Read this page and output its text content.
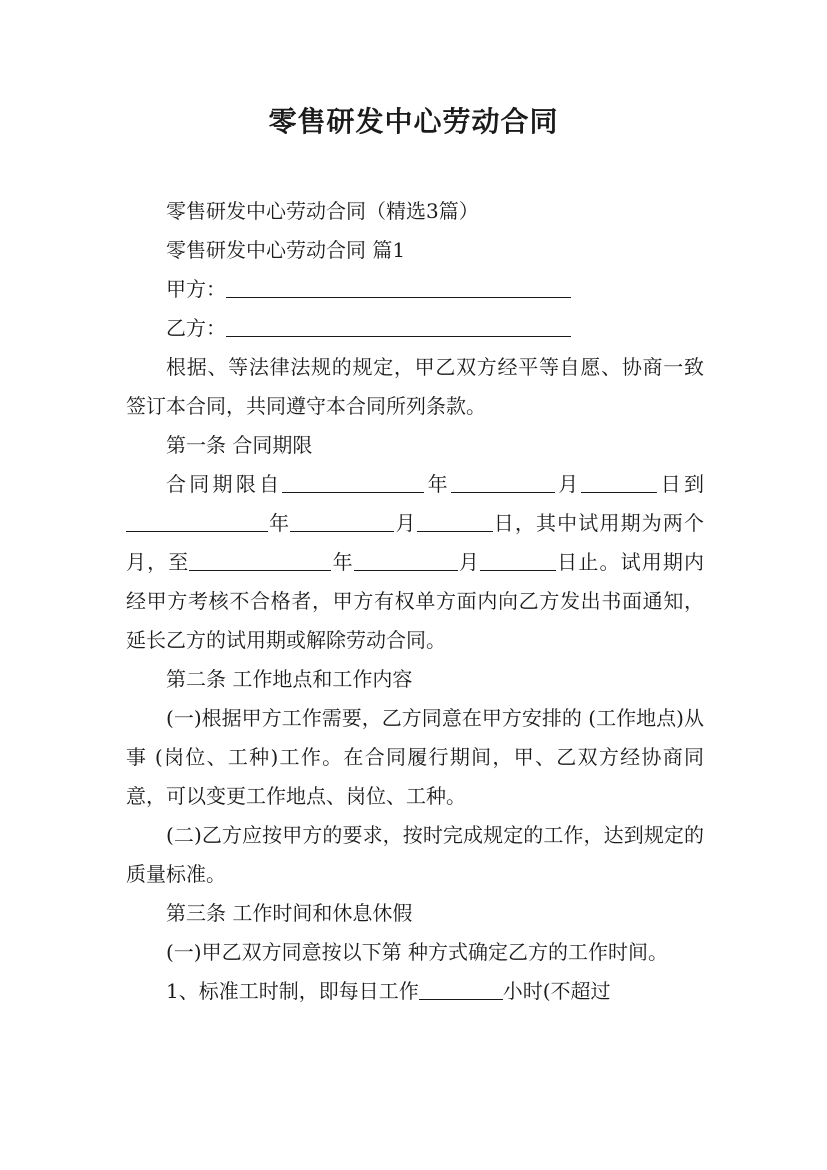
零售研发中心劳动合同

零售研发中心劳动合同（精选3篇）

零售研发中心劳动合同 篇1

甲方：

乙方：

根据、等法律法规的规定，甲乙双方经平等自愿、协商一致签订本合同，共同遵守本合同所列条款。

第一条 合同期限

合同期限自	年	月	日到年	月	日，其中试用期为两个月，至	年	月	日止。试用期内经甲方考核不合格者，甲方有权单方面内向乙方发出书面通知，延长乙方的试用期或解除劳动合同。

第二条 工作地点和工作内容

(一)根据甲方工作需要，乙方同意在甲方安排的 (工作地点)从事 (岗位、工种)工作。在合同履行期间，甲、乙双方经协商同意，可以变更工作地点、岗位、工种。

(二)乙方应按甲方的要求，按时完成规定的工作，达到规定的质量标准。

第三条 工作时间和休息休假

(一)甲乙双方同意按以下第 种方式确定乙方的工作时间。

1、标准工时制，即每日工作	小时(不超过
